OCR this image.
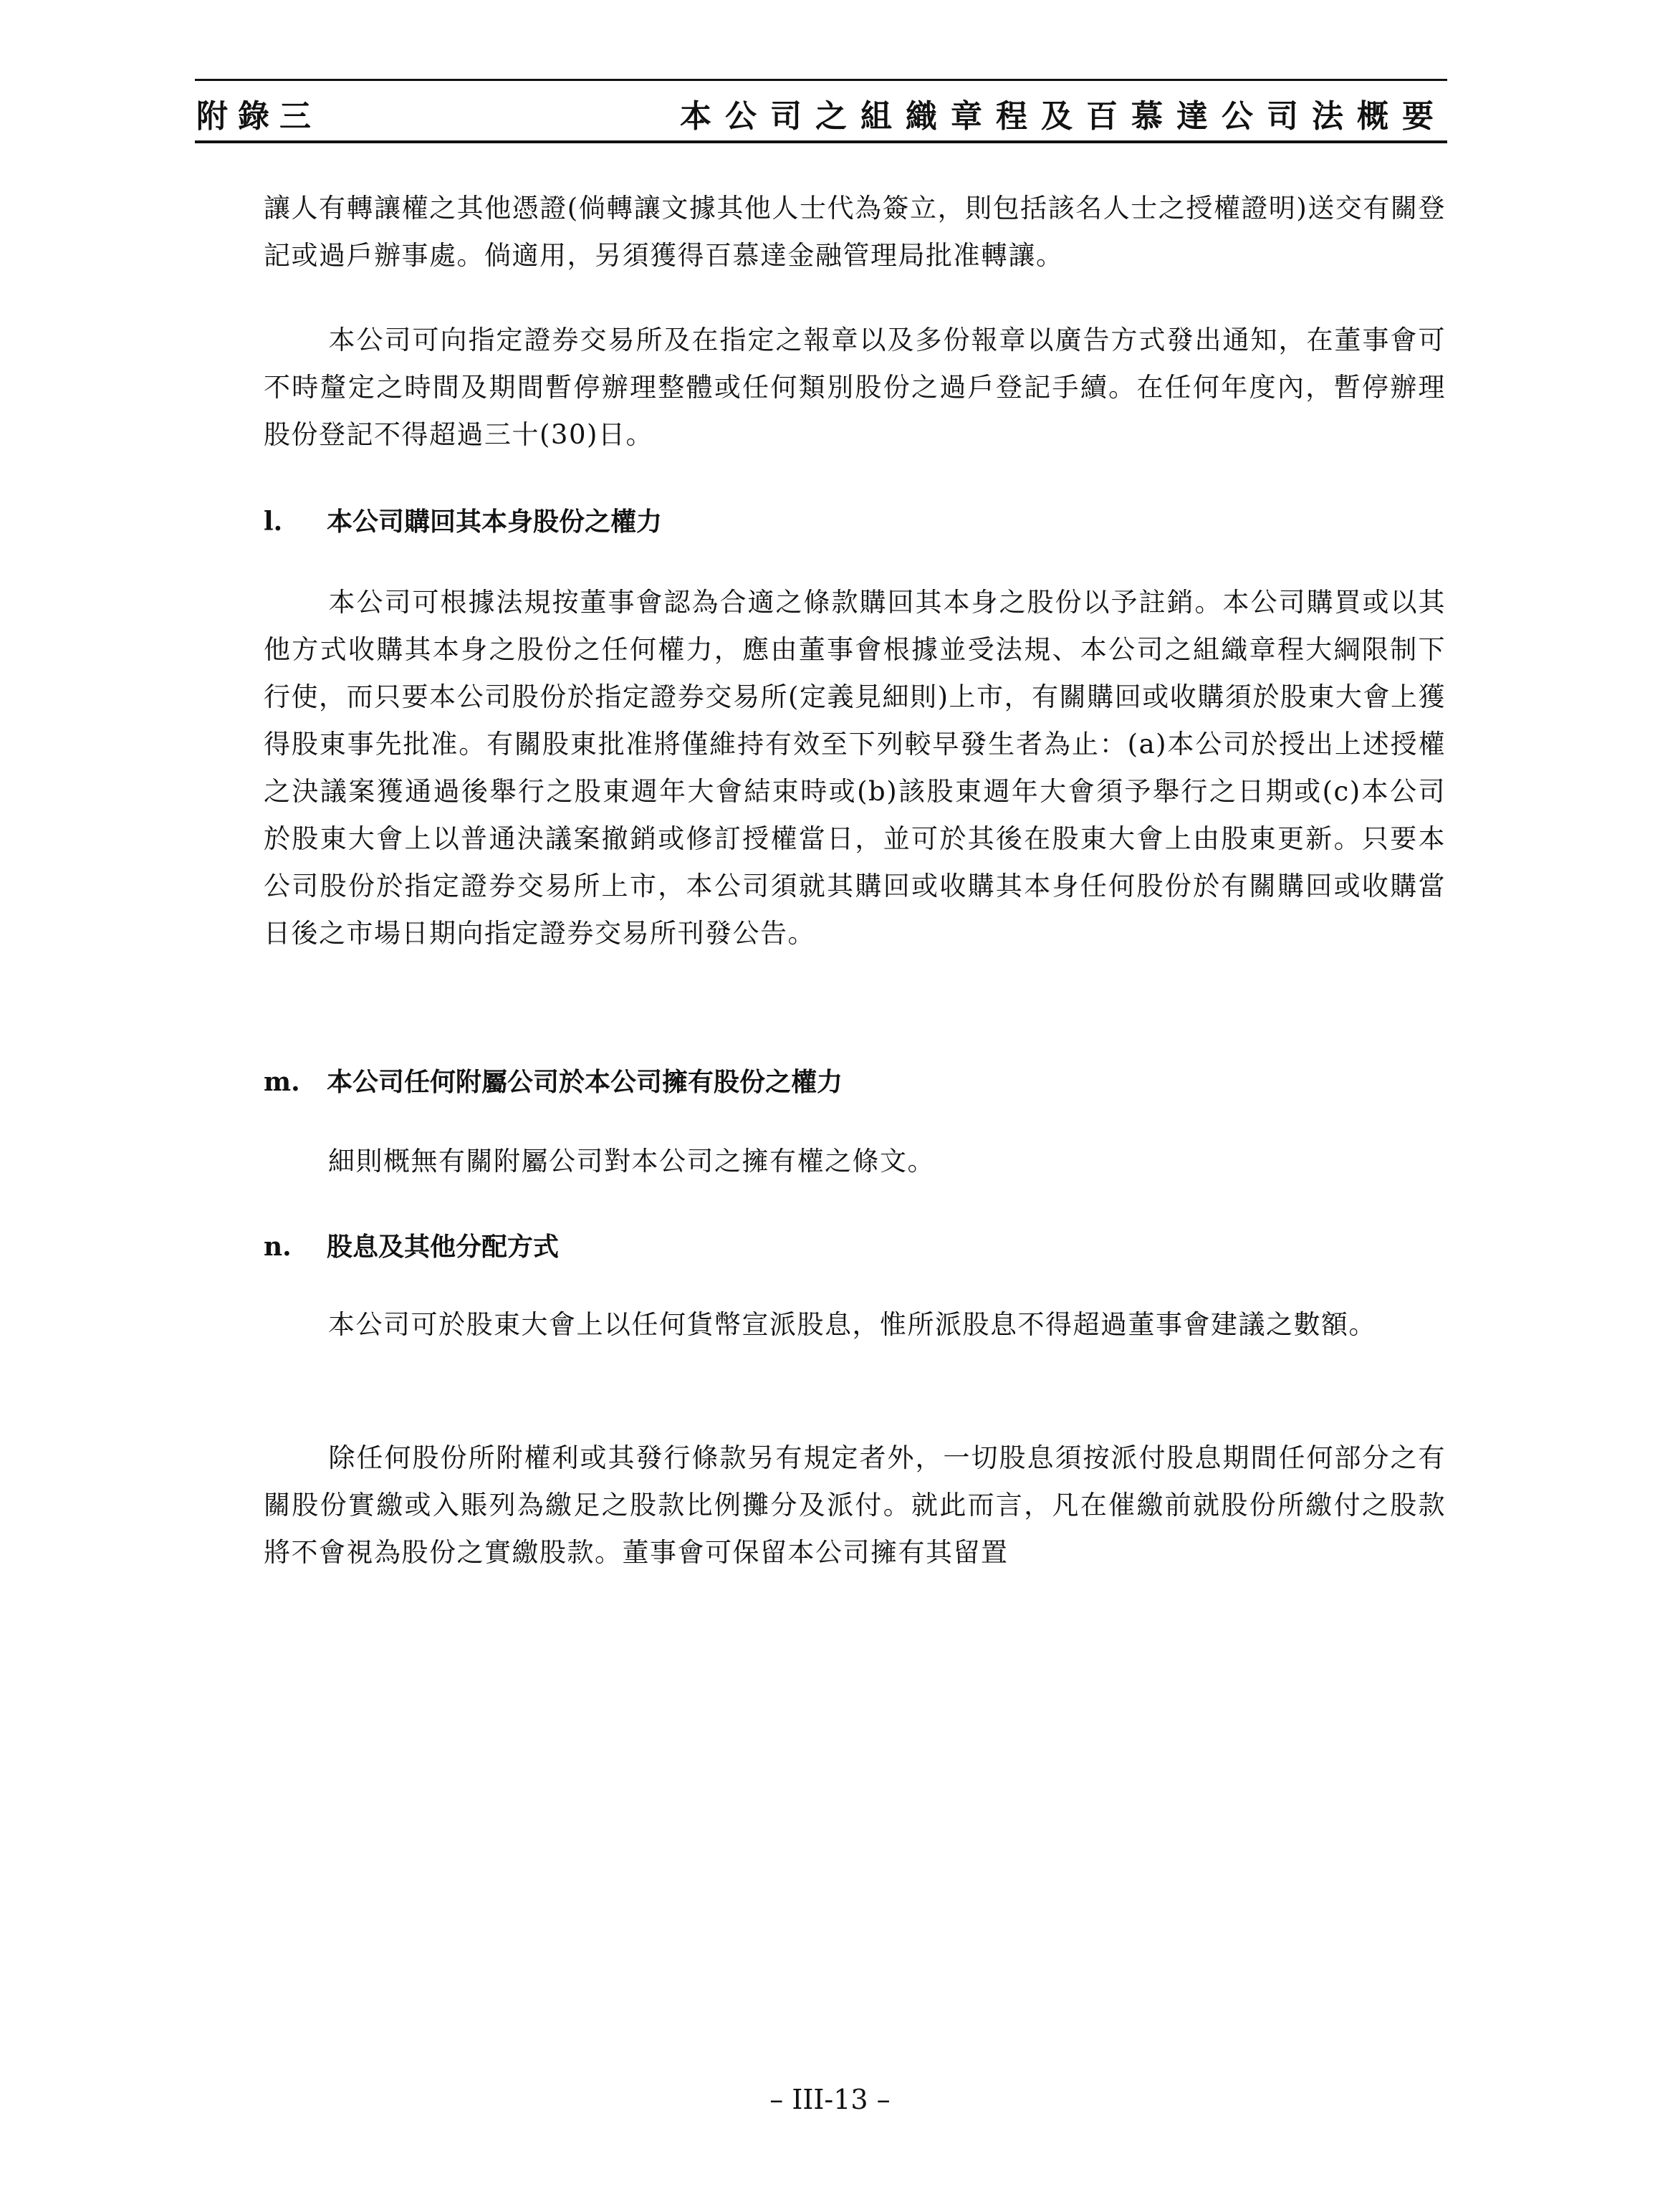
附錄三	本公司之組織章程及百慕達公司法概要

讓人有轉讓權之其他憑證(倘轉讓文據其他人士代為簽立，則包括該名人士之授權證明)送交有關登記或過戶辦事處。倘適用，另須獲得百慕達金融管理局批准轉讓。

本公司可向指定證券交易所及在指定之報章以及多份報章以廣告方式發出通知，在董事會可不時釐定之時間及期間暫停辦理整體或任何類別股份之過戶登記手續。在任何年度內，暫停辦理股份登記不得超過三十(30)日。

l. 本公司購回其本身股份之權力

本公司可根據法規按董事會認為合適之條款購回其本身之股份以予註銷。本公司購買或以其他方式收購其本身之股份之任何權力，應由董事會根據並受法規、本公司之組織章程大綱限制下行使，而只要本公司股份於指定證券交易所(定義見細則)上市，有關購回或收購須於股東大會上獲得股東事先批准。有關股東批准將僅維持有效至下列較早發生者為止：(a)本公司於授出上述授權之決議案獲通過後舉行之股東週年大會結束時或(b)該股東週年大會須予舉行之日期或(c)本公司於股東大會上以普通決議案撤銷或修訂授權當日，並可於其後在股東大會上由股東更新。只要本公司股份於指定證券交易所上市，本公司須就其購回或收購其本身任何股份於有關購回或收購當日後之市場日期向指定證券交易所刊發公告。

m. 本公司任何附屬公司於本公司擁有股份之權力

細則概無有關附屬公司對本公司之擁有權之條文。

n. 股息及其他分配方式

本公司可於股東大會上以任何貨幣宣派股息，惟所派股息不得超過董事會建議之數額。

除任何股份所附權利或其發行條款另有規定者外，一切股息須按派付股息期間任何部分之有關股份實繳或入賬列為繳足之股款比例攤分及派付。就此而言，凡在催繳前就股份所繳付之股款將不會視為股份之實繳股款。董事會可保留本公司擁有其留置

– III-13 –
